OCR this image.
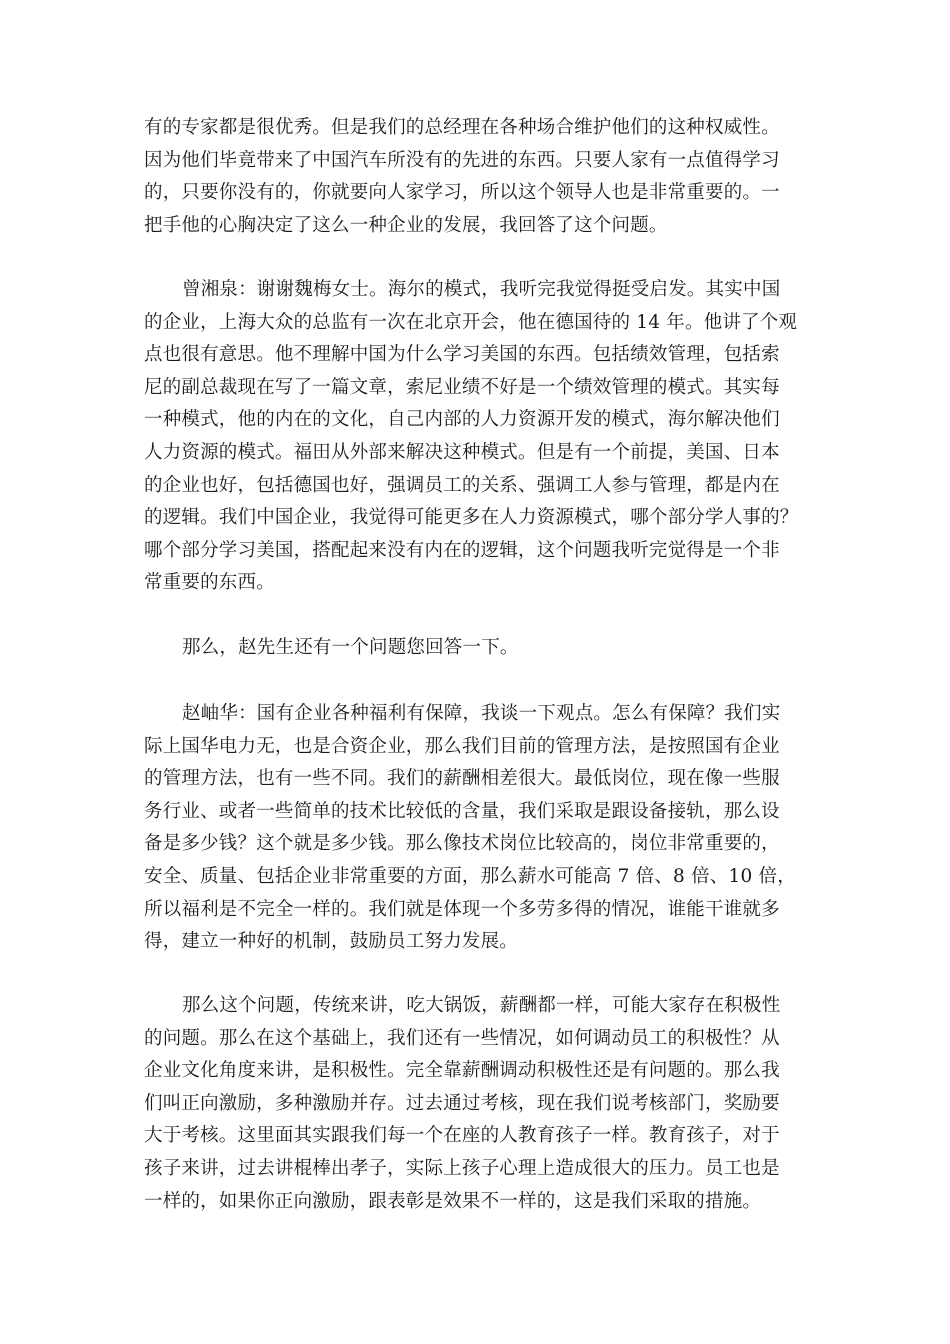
有的专家都是很优秀。但是我们的总经理在各种场合维护他们的这种权威性。
因为他们毕竟带来了中国汽车所没有的先进的东西。只要人家有一点值得学习
的，只要你没有的，你就要向人家学习，所以这个领导人也是非常重要的。一
把手他的心胸决定了这么一种企业的发展，我回答了这个问题。
曾湘泉：谢谢魏梅女士。海尔的模式，我听完我觉得挺受启发。其实中国
的企业，上海大众的总监有一次在北京开会，他在德国待的 14 年。他讲了个观
点也很有意思。他不理解中国为什么学习美国的东西。包括绩效管理，包括索
尼的副总裁现在写了一篇文章，索尼业绩不好是一个绩效管理的模式。其实每
一种模式，他的内在的文化，自己内部的人力资源开发的模式，海尔解决他们
人力资源的模式。福田从外部来解决这种模式。但是有一个前提，美国、日本
的企业也好，包括德国也好，强调员工的关系、强调工人参与管理，都是内在
的逻辑。我们中国企业，我觉得可能更多在人力资源模式，哪个部分学人事的？
哪个部分学习美国，搭配起来没有内在的逻辑，这个问题我听完觉得是一个非
常重要的东西。
那么，赵先生还有一个问题您回答一下。
赵岫华：国有企业各种福利有保障，我谈一下观点。怎么有保障？我们实
际上国华电力无，也是合资企业，那么我们目前的管理方法，是按照国有企业
的管理方法，也有一些不同。我们的薪酬相差很大。最低岗位，现在像一些服
务行业、或者一些简单的技术比较低的含量，我们采取是跟设备接轨，那么设
备是多少钱？这个就是多少钱。那么像技术岗位比较高的，岗位非常重要的，
安全、质量、包括企业非常重要的方面，那么薪水可能高 7 倍、8 倍、10 倍，
所以福利是不完全一样的。我们就是体现一个多劳多得的情况，谁能干谁就多
得，建立一种好的机制，鼓励员工努力发展。
那么这个问题，传统来讲，吃大锅饭，薪酬都一样，可能大家存在积极性
的问题。那么在这个基础上，我们还有一些情况，如何调动员工的积极性？从
企业文化角度来讲，是积极性。完全靠薪酬调动积极性还是有问题的。那么我
们叫正向激励，多种激励并存。过去通过考核，现在我们说考核部门，奖励要
大于考核。这里面其实跟我们每一个在座的人教育孩子一样。教育孩子，对于
孩子来讲，过去讲棍棒出孝子，实际上孩子心理上造成很大的压力。员工也是
一样的，如果你正向激励，跟表彰是效果不一样的，这是我们采取的措施。
